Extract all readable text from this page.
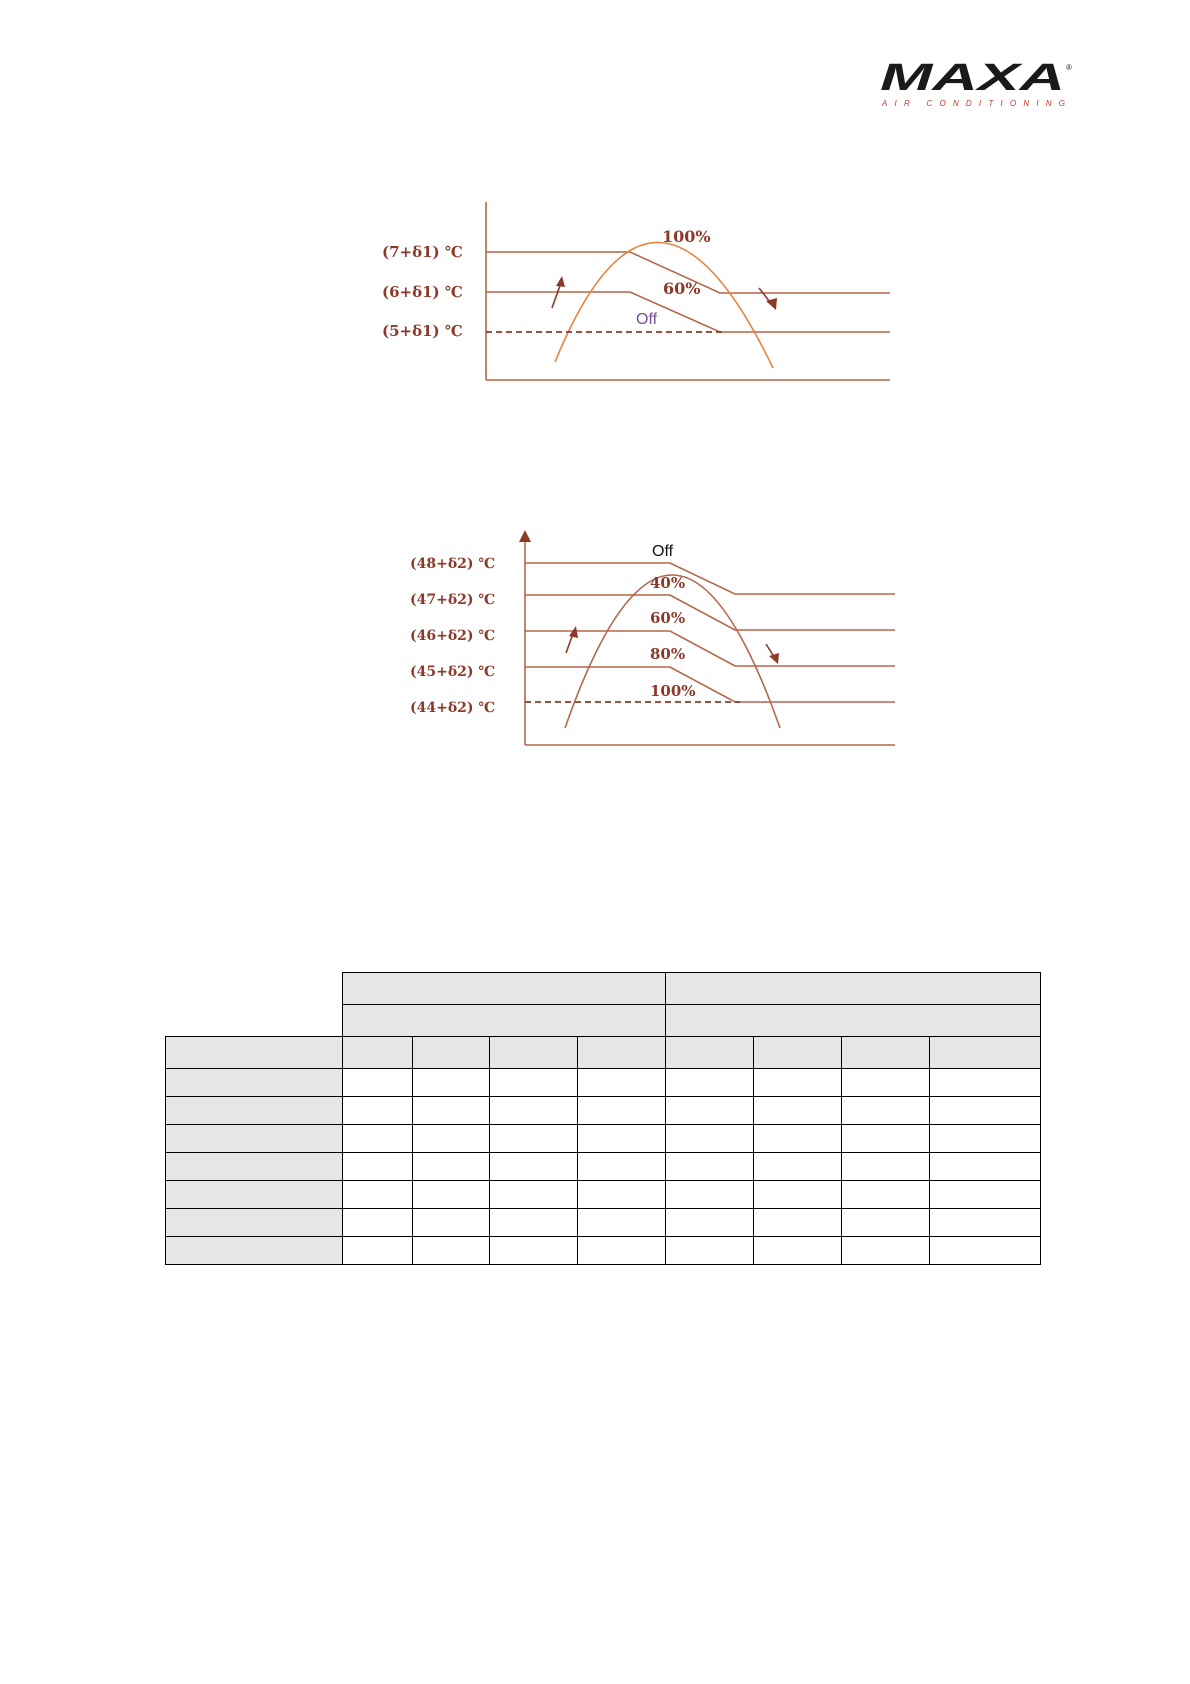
MAXA ®
AIR CONDITIONING
(7+δ1) ℃
(6+δ1) ℃
(5+δ1) ℃
100%
60%
Off
(48+δ2) ℃
(47+δ2) ℃
(46+δ2) ℃
(45+δ2) ℃
(44+δ2) ℃
Off
40%
60%
80%
100%
